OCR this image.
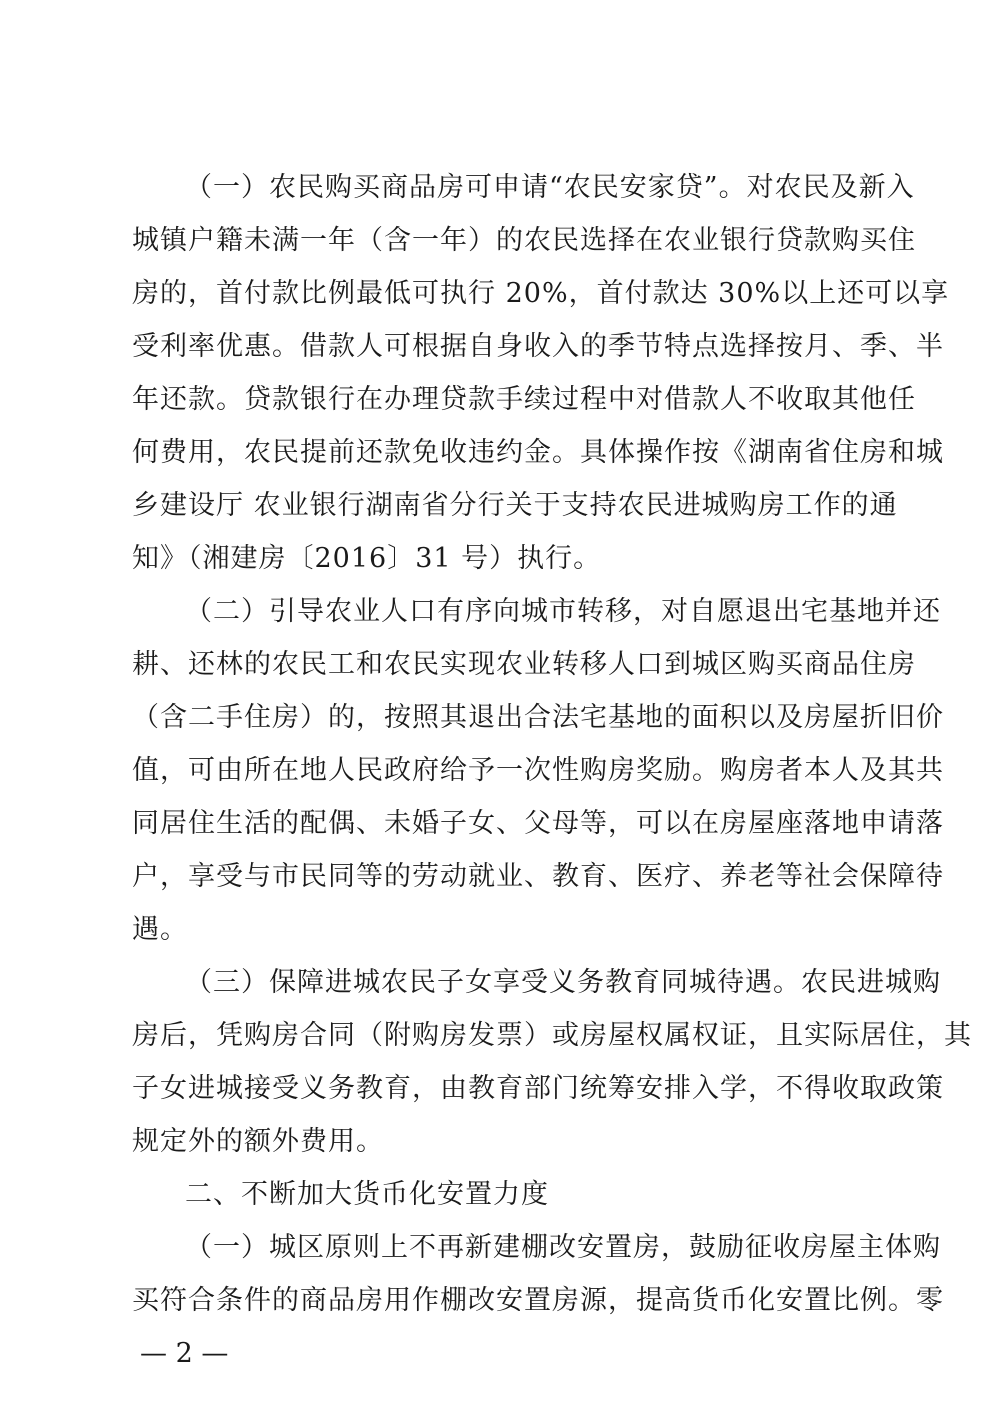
（一）农民购买商品房可申请“农民安家贷”。对农民及新入
城镇户籍未满一年（含一年）的农民选择在农业银行贷款购买住
房的，首付款比例最低可执行 20%，首付款达 30%以上还可以享
受利率优惠。借款人可根据自身收入的季节特点选择按月、季、半
年还款。贷款银行在办理贷款手续过程中对借款人不收取其他任
何费用，农民提前还款免收违约金。具体操作按《湖南省住房和城
乡建设厅 农业银行湖南省分行关于支持农民进城购房工作的通
知》（湘建房〔2016〕31 号）执行。
（二）引导农业人口有序向城市转移，对自愿退出宅基地并还
耕、还林的农民工和农民实现农业转移人口到城区购买商品住房
（含二手住房）的，按照其退出合法宅基地的面积以及房屋折旧价
值，可由所在地人民政府给予一次性购房奖励。购房者本人及其共
同居住生活的配偶、未婚子女、父母等，可以在房屋座落地申请落
户，享受与市民同等的劳动就业、教育、医疗、养老等社会保障待
遇。
（三）保障进城农民子女享受义务教育同城待遇。农民进城购
房后，凭购房合同（附购房发票）或房屋权属权证，且实际居住，其
子女进城接受义务教育，由教育部门统筹安排入学，不得收取政策
规定外的额外费用。
二、不断加大货币化安置力度
（一）城区原则上不再新建棚改安置房，鼓励征收房屋主体购
买符合条件的商品房用作棚改安置房源，提高货币化安置比例。零
— 2 —
